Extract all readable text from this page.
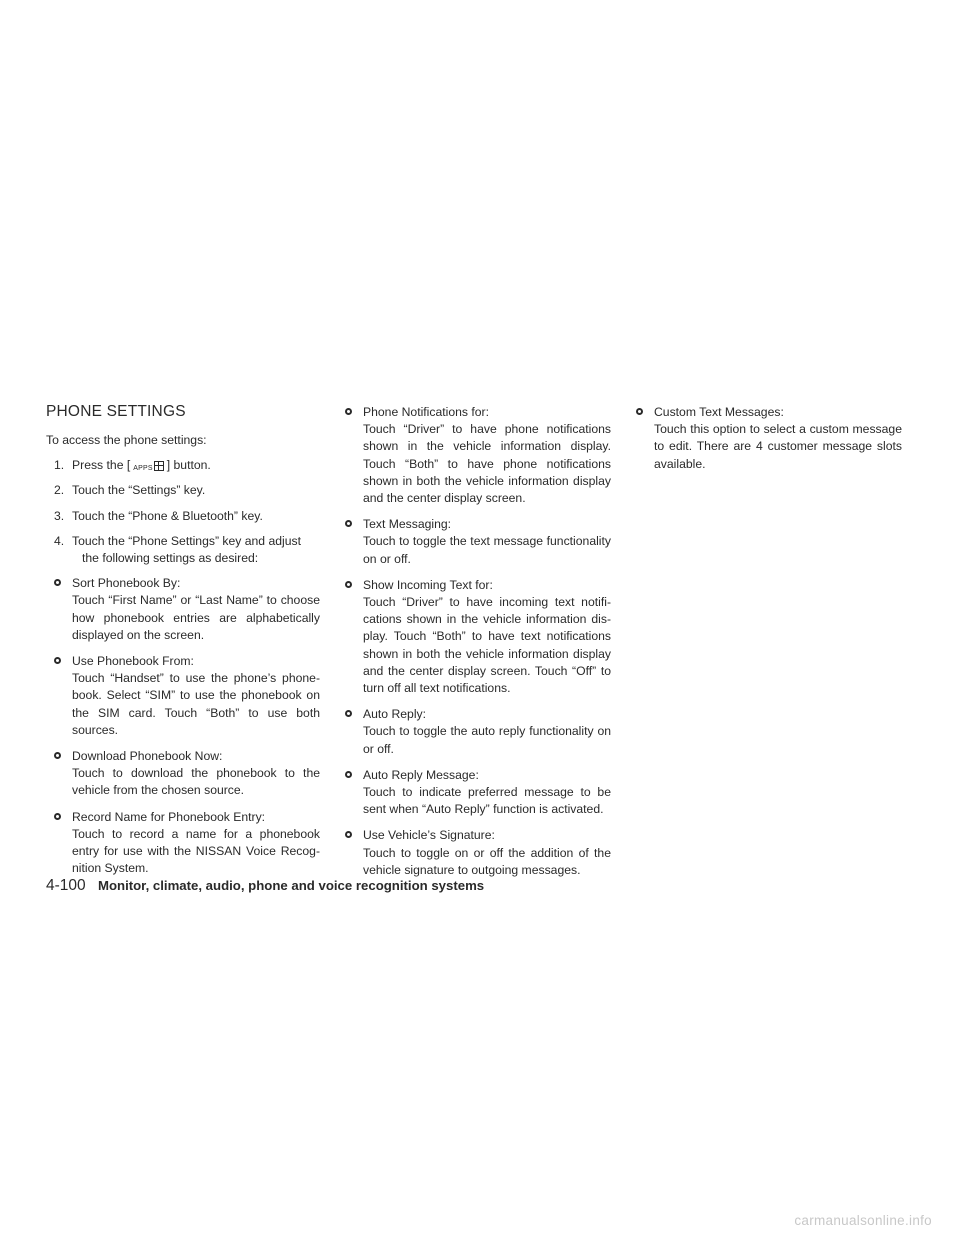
PHONE SETTINGS

To access the phone settings:

1. Press the [ APPS ] button.
2. Touch the “Settings” key.
3. Touch the “Phone & Bluetooth” key.
4. Touch the “Phone Settings” key and adjust
the following settings as desired:
Sort Phonebook By:
Touch “First Name” or “Last Name” to choose how phonebook entries are alphabetically displayed on the screen.
Use Phonebook From:
Touch “Handset” to use the phone’s phonebook. Select “SIM” to use the phonebook on the SIM card. Touch “Both” to use both sources.
Download Phonebook Now:
Touch to download the phonebook to the vehicle from the chosen source.
Record Name for Phonebook Entry:
Touch to record a name for a phonebook entry for use with the NISSAN Voice Recognition System.
Phone Notifications for:
Touch “Driver” to have phone notifications shown in the vehicle information display. Touch “Both” to have phone notifications shown in both the vehicle information display and the center display screen.
Text Messaging:
Touch to toggle the text message functionality on or off.
Show Incoming Text for:
Touch “Driver” to have incoming text notifications shown in the vehicle information display. Touch “Both” to have text notifications shown in both the vehicle information display and the center display screen. Touch “Off” to turn off all text notifications.
Auto Reply:
Touch to toggle the auto reply functionality on or off.
Auto Reply Message:
Touch to indicate preferred message to be sent when “Auto Reply” function is activated.
Use Vehicle’s Signature:
Touch to toggle on or off the addition of the vehicle signature to outgoing messages.
Custom Text Messages:
Touch this option to select a custom message to edit. There are 4 customer message slots available.
4-100 Monitor, climate, audio, phone and voice recognition systems
carmanualsonline.info
